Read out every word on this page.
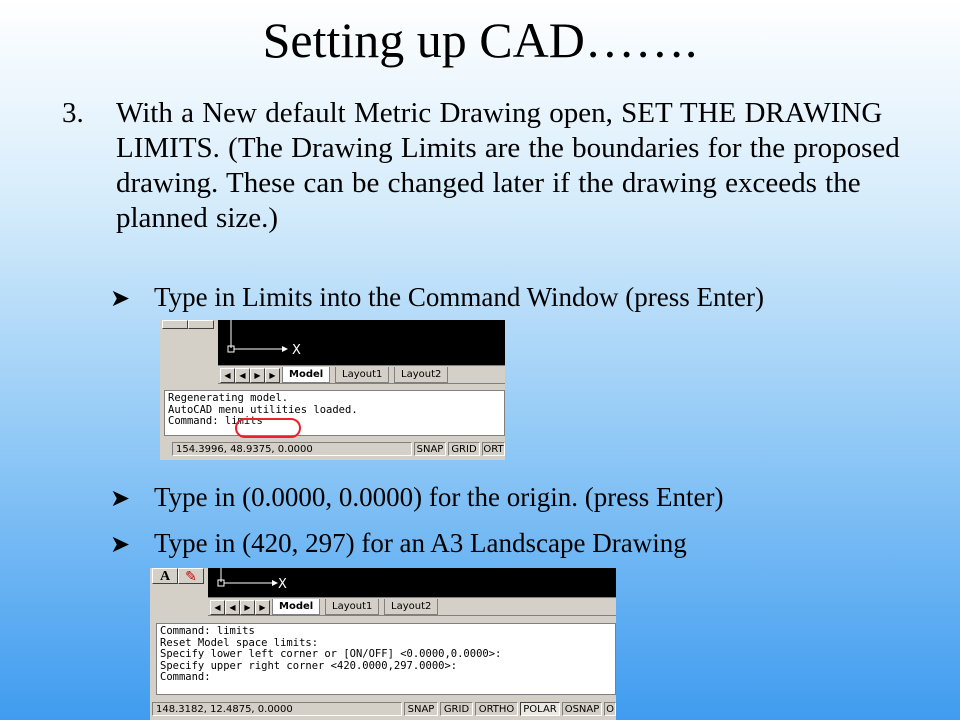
Setting up CAD…….
3. With a New default Metric Drawing open, SET THE DRAWING LIMITS. (The Drawing Limits are the boundaries for the proposed drawing. These can be changed later if the drawing exceeds the planned size.)
➤ Type in Limits into the Command Window (press Enter)
X
◀	◀	▶	▶	Model	Layout1	Layout2
Regenerating model.
AutoCAD menu utilities loaded.
Command: limits
154.3996, 48.9375, 0.0000	SNAP GRID ORT
➤ Type in (0.0000, 0.0000) for the origin. (press Enter)
➤ Type in (420, 297) for an A3 Landscape Drawing
A	✎	X
◀	◀	▶	▶	Model	Layout1	Layout2
Command: limits
Reset Model space limits:
Specify lower left corner or [ON/OFF] <0.0000,0.0000>:
Specify upper right corner <420.0000,297.0000>:
Command:
148.3182, 12.4875, 0.0000	SNAP GRID ORTHO POLAR OSNAP O
